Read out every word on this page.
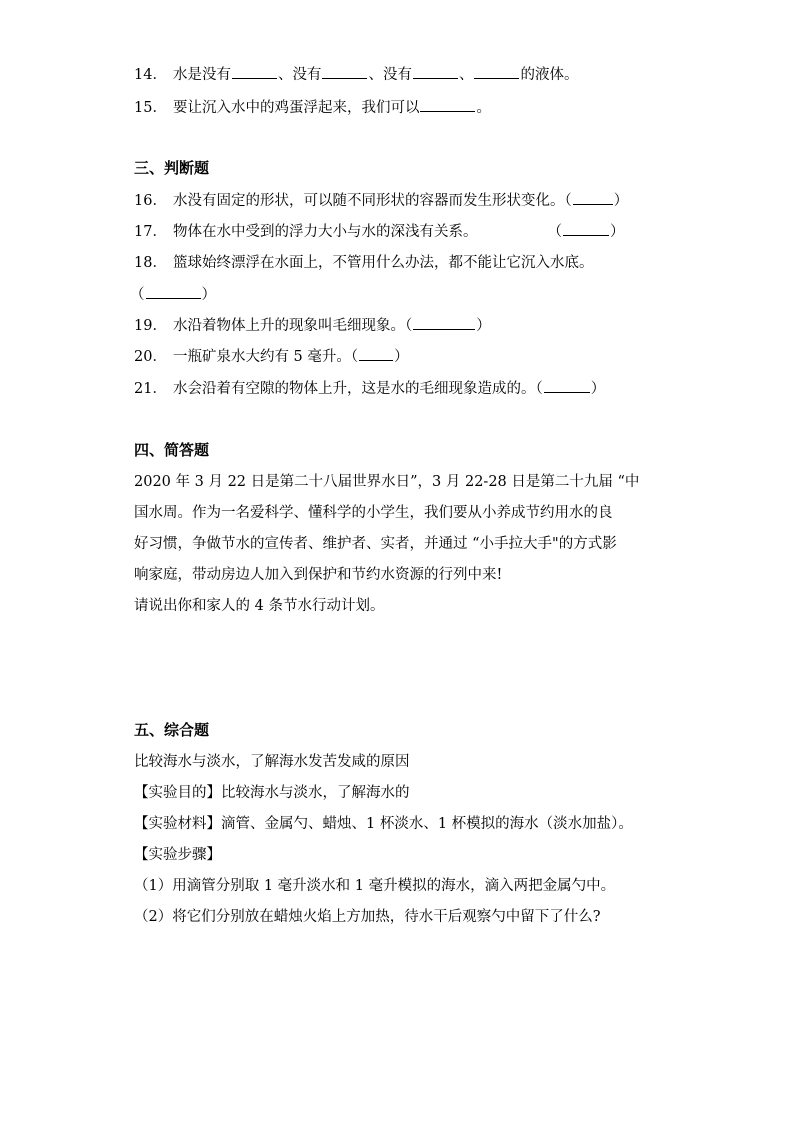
14． 水是没有	、没有	、没有	、	的液体。
15． 要让沉入水中的鸡蛋浮起来，我们可以	。
三、判断题
16． 水没有固定的形状，可以随不同形状的容器而发生形状变化。（	）
17． 物体在水中受到的浮力大小与水的深浅有关系。	（	）
18． 篮球始终漂浮在水面上，不管用什么办法，都不能让它沉入水底。
（	）
19． 水沿着物体上升的现象叫毛细现象。（	）
20． 一瓶矿泉水大约有 5 毫升。（ ）
21． 水会沿着有空隙的物体上升，这是水的毛细现象造成的。（	）
四、简答题
2020 年 3 月 22 日是第二十八届世界水日”，3 月 22-28 日是第二十九届 “中
国水周。作为一名爱科学、懂科学的小学生，我们要从小养成节约用水的良
好习惯，争做节水的宣传者、维护者、实者，并通过 “小手拉大手"的方式影
响家庭，带动房边人加入到保护和节约水资源的行列中来!
请说出你和家人的 4 条节水行动计划。
五、综合题
比较海水与淡水，了解海水发苦发咸的原因
【实验目的】比较海水与淡水，了解海水的
【实验材料】滴管、金属勺、蜡烛、1 杯淡水、1 杯模拟的海水（淡水加盐）。
【实验步骤】
（1）用滴管分别取 1 毫升淡水和 1 毫升模拟的海水，滴入两把金属勺中。
（2）将它们分别放在蜡烛火焰上方加热，待水干后观察勺中留下了什么?
